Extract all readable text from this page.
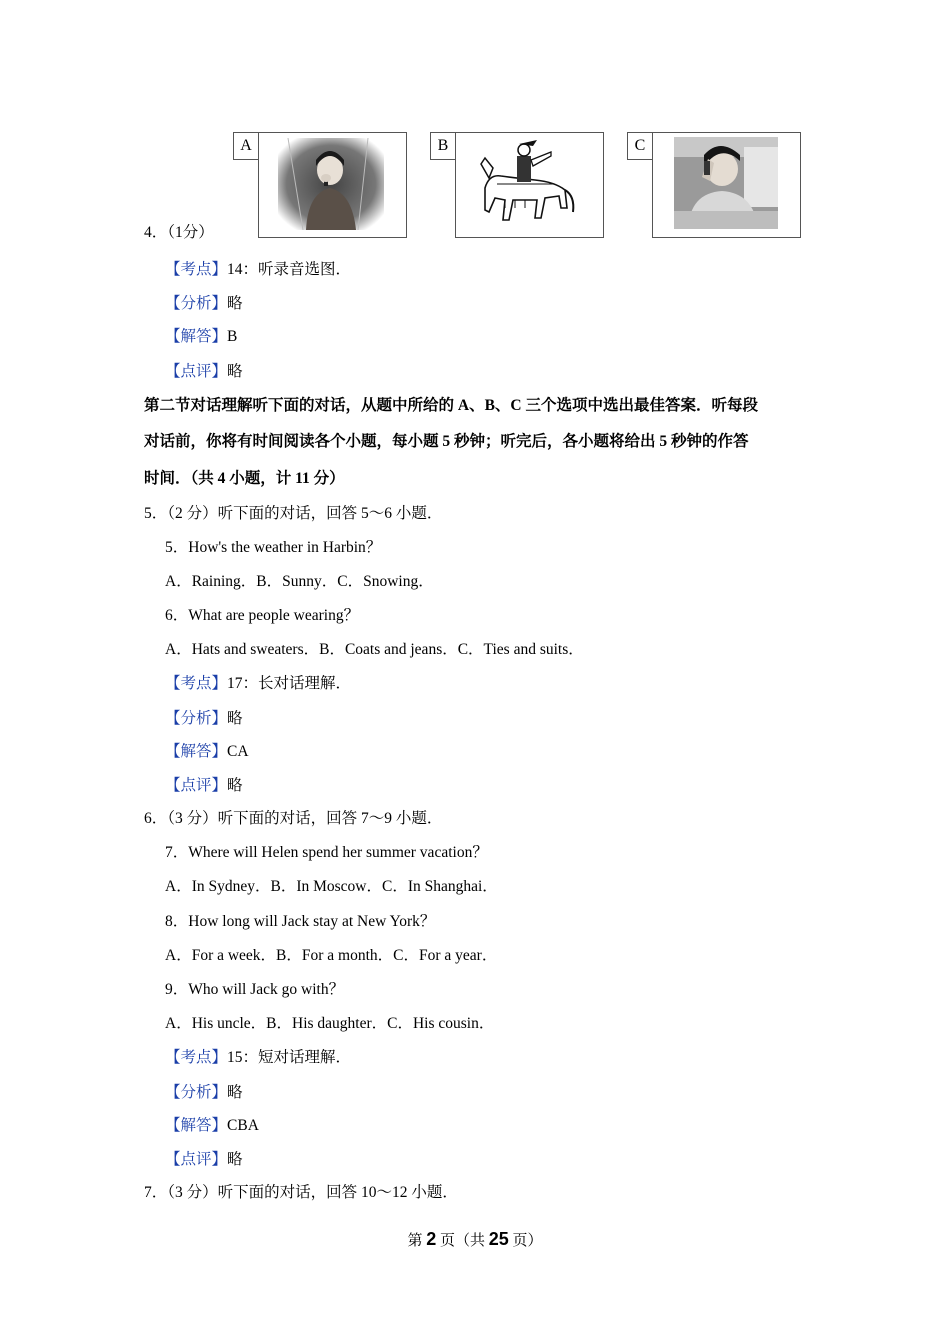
A	B	C
4．（1分）
【考点】14：听录音选图．
【分析】略
【解答】B
【点评】略
第二节对话理解听下面的对话，从题中所给的 A、B、C 三个选项中选出最佳答案．听每段
对话前，你将有时间阅读各个小题，每小题 5 秒钟；听完后，各小题将给出 5 秒钟的作答
时间．（共 4 小题，计 11 分）
5．（2 分）听下面的对话，回答 5～6 小题．
5．How's the weather in Harbin？
A．Raining．B．Sunny．C．Snowing．
6．What are people wearing？
A．Hats and sweaters．B．Coats and jeans．C．Ties and suits．
【考点】17：长对话理解．
【分析】略
【解答】CA
【点评】略
6．（3 分）听下面的对话，回答 7～9 小题．
7．Where will Helen spend her summer vacation？
A．In Sydney．B．In Moscow．C．In Shanghai．
8．How long will Jack stay at New York？
A．For a week．B．For a month．C．For a year．
9．Who will Jack go with？
A．His uncle．B．His daughter．C．His cousin．
【考点】15：短对话理解．
【分析】略
【解答】CBA
【点评】略
7．（3 分）听下面的对话，回答 10～12 小题．
第 2 页（共 25 页）
